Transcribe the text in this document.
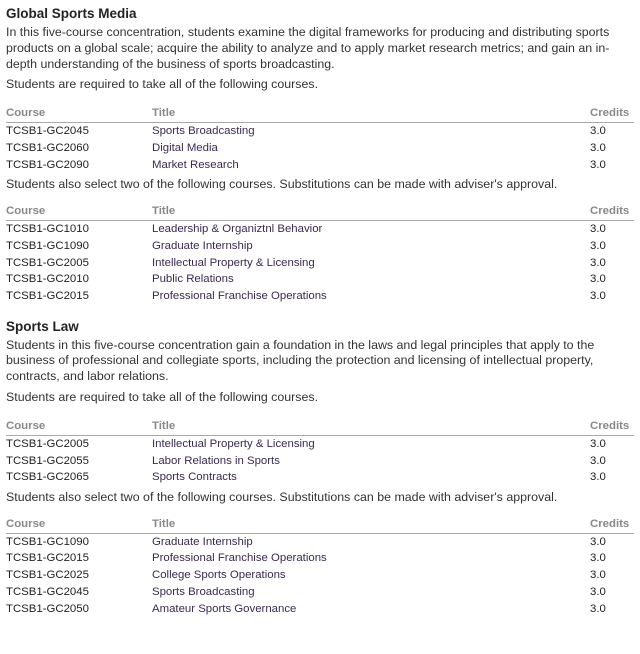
Global Sports Media

In this five-course concentration, students examine the digital frameworks for producing and distributing sports products on a global scale; acquire the ability to analyze and to apply market research metrics; and gain an in-depth understanding of the business of sports broadcasting.

Students are required to take all of the following courses.

Course	Title	Credits
TCSB1-GC2045	Sports Broadcasting	3.0
TCSB1-GC2060	Digital Media	3.0
TCSB1-GC2090	Market Research	3.0

Students also select two of the following courses. Substitutions can be made with adviser's approval.

Course	Title	Credits
TCSB1-GC1010	Leadership & Organiztnl Behavior	3.0
TCSB1-GC1090	Graduate Internship	3.0
TCSB1-GC2005	Intellectual Property & Licensing	3.0
TCSB1-GC2010	Public Relations	3.0
TCSB1-GC2015	Professional Franchise Operations	3.0

Sports Law

Students in this five-course concentration gain a foundation in the laws and legal principles that apply to the business of professional and collegiate sports, including the protection and licensing of intellectual property, contracts, and labor relations.

Students are required to take all of the following courses.

Course	Title	Credits
TCSB1-GC2005	Intellectual Property & Licensing	3.0
TCSB1-GC2055	Labor Relations in Sports	3.0
TCSB1-GC2065	Sports Contracts	3.0

Students also select two of the following courses. Substitutions can be made with adviser's approval.

Course	Title	Credits
TCSB1-GC1090	Graduate Internship	3.0
TCSB1-GC2015	Professional Franchise Operations	3.0
TCSB1-GC2025	College Sports Operations	3.0
TCSB1-GC2045	Sports Broadcasting	3.0
TCSB1-GC2050	Amateur Sports Governance	3.0
